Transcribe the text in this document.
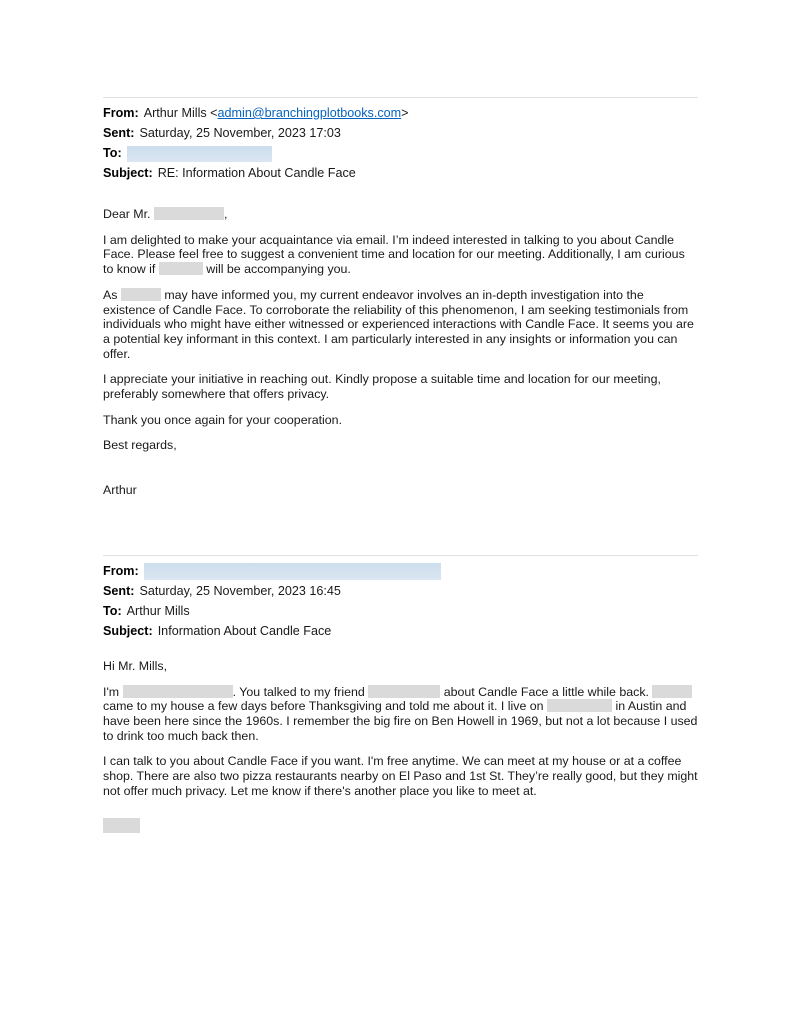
From: Arthur Mills <admin@branchingplotbooks.com>
Sent: Saturday, 25 November, 2023 17:03
To:
Subject: RE: Information About Candle Face

Dear Mr.	,

I am delighted to make your acquaintance via email. I’m indeed interested in talking to you about Candle Face. Please feel free to suggest a convenient time and location for our meeting. Additionally, I am curious to know if	will be accompanying you.

As	may have informed you, my current endeavor involves an in-depth investigation into the existence of Candle Face. To corroborate the reliability of this phenomenon, I am seeking testimonials from individuals who might have either witnessed or experienced interactions with Candle Face. It seems you are a potential key informant in this context. I am particularly interested in any insights or information you can offer.

I appreciate your initiative in reaching out. Kindly propose a suitable time and location for our meeting, preferably somewhere that offers privacy.

Thank you once again for your cooperation.

Best regards,

Arthur

From:
Sent: Saturday, 25 November, 2023 16:45
To: Arthur Mills
Subject: Information About Candle Face

Hi Mr. Mills,

I'm	. You talked to my friend	about Candle Face a little while back.  came to my house a few days before Thanksgiving and told me about it. I live on	in Austin and have been here since the 1960s. I remember the big fire on Ben Howell in 1969, but not a lot because I used to drink too much back then.

I can talk to you about Candle Face if you want. I'm free anytime. We can meet at my house or at a coffee shop. There are also two pizza restaurants nearby on El Paso and 1st St. They’re really good, but they might not offer much privacy. Let me know if there's another place you like to meet at.
